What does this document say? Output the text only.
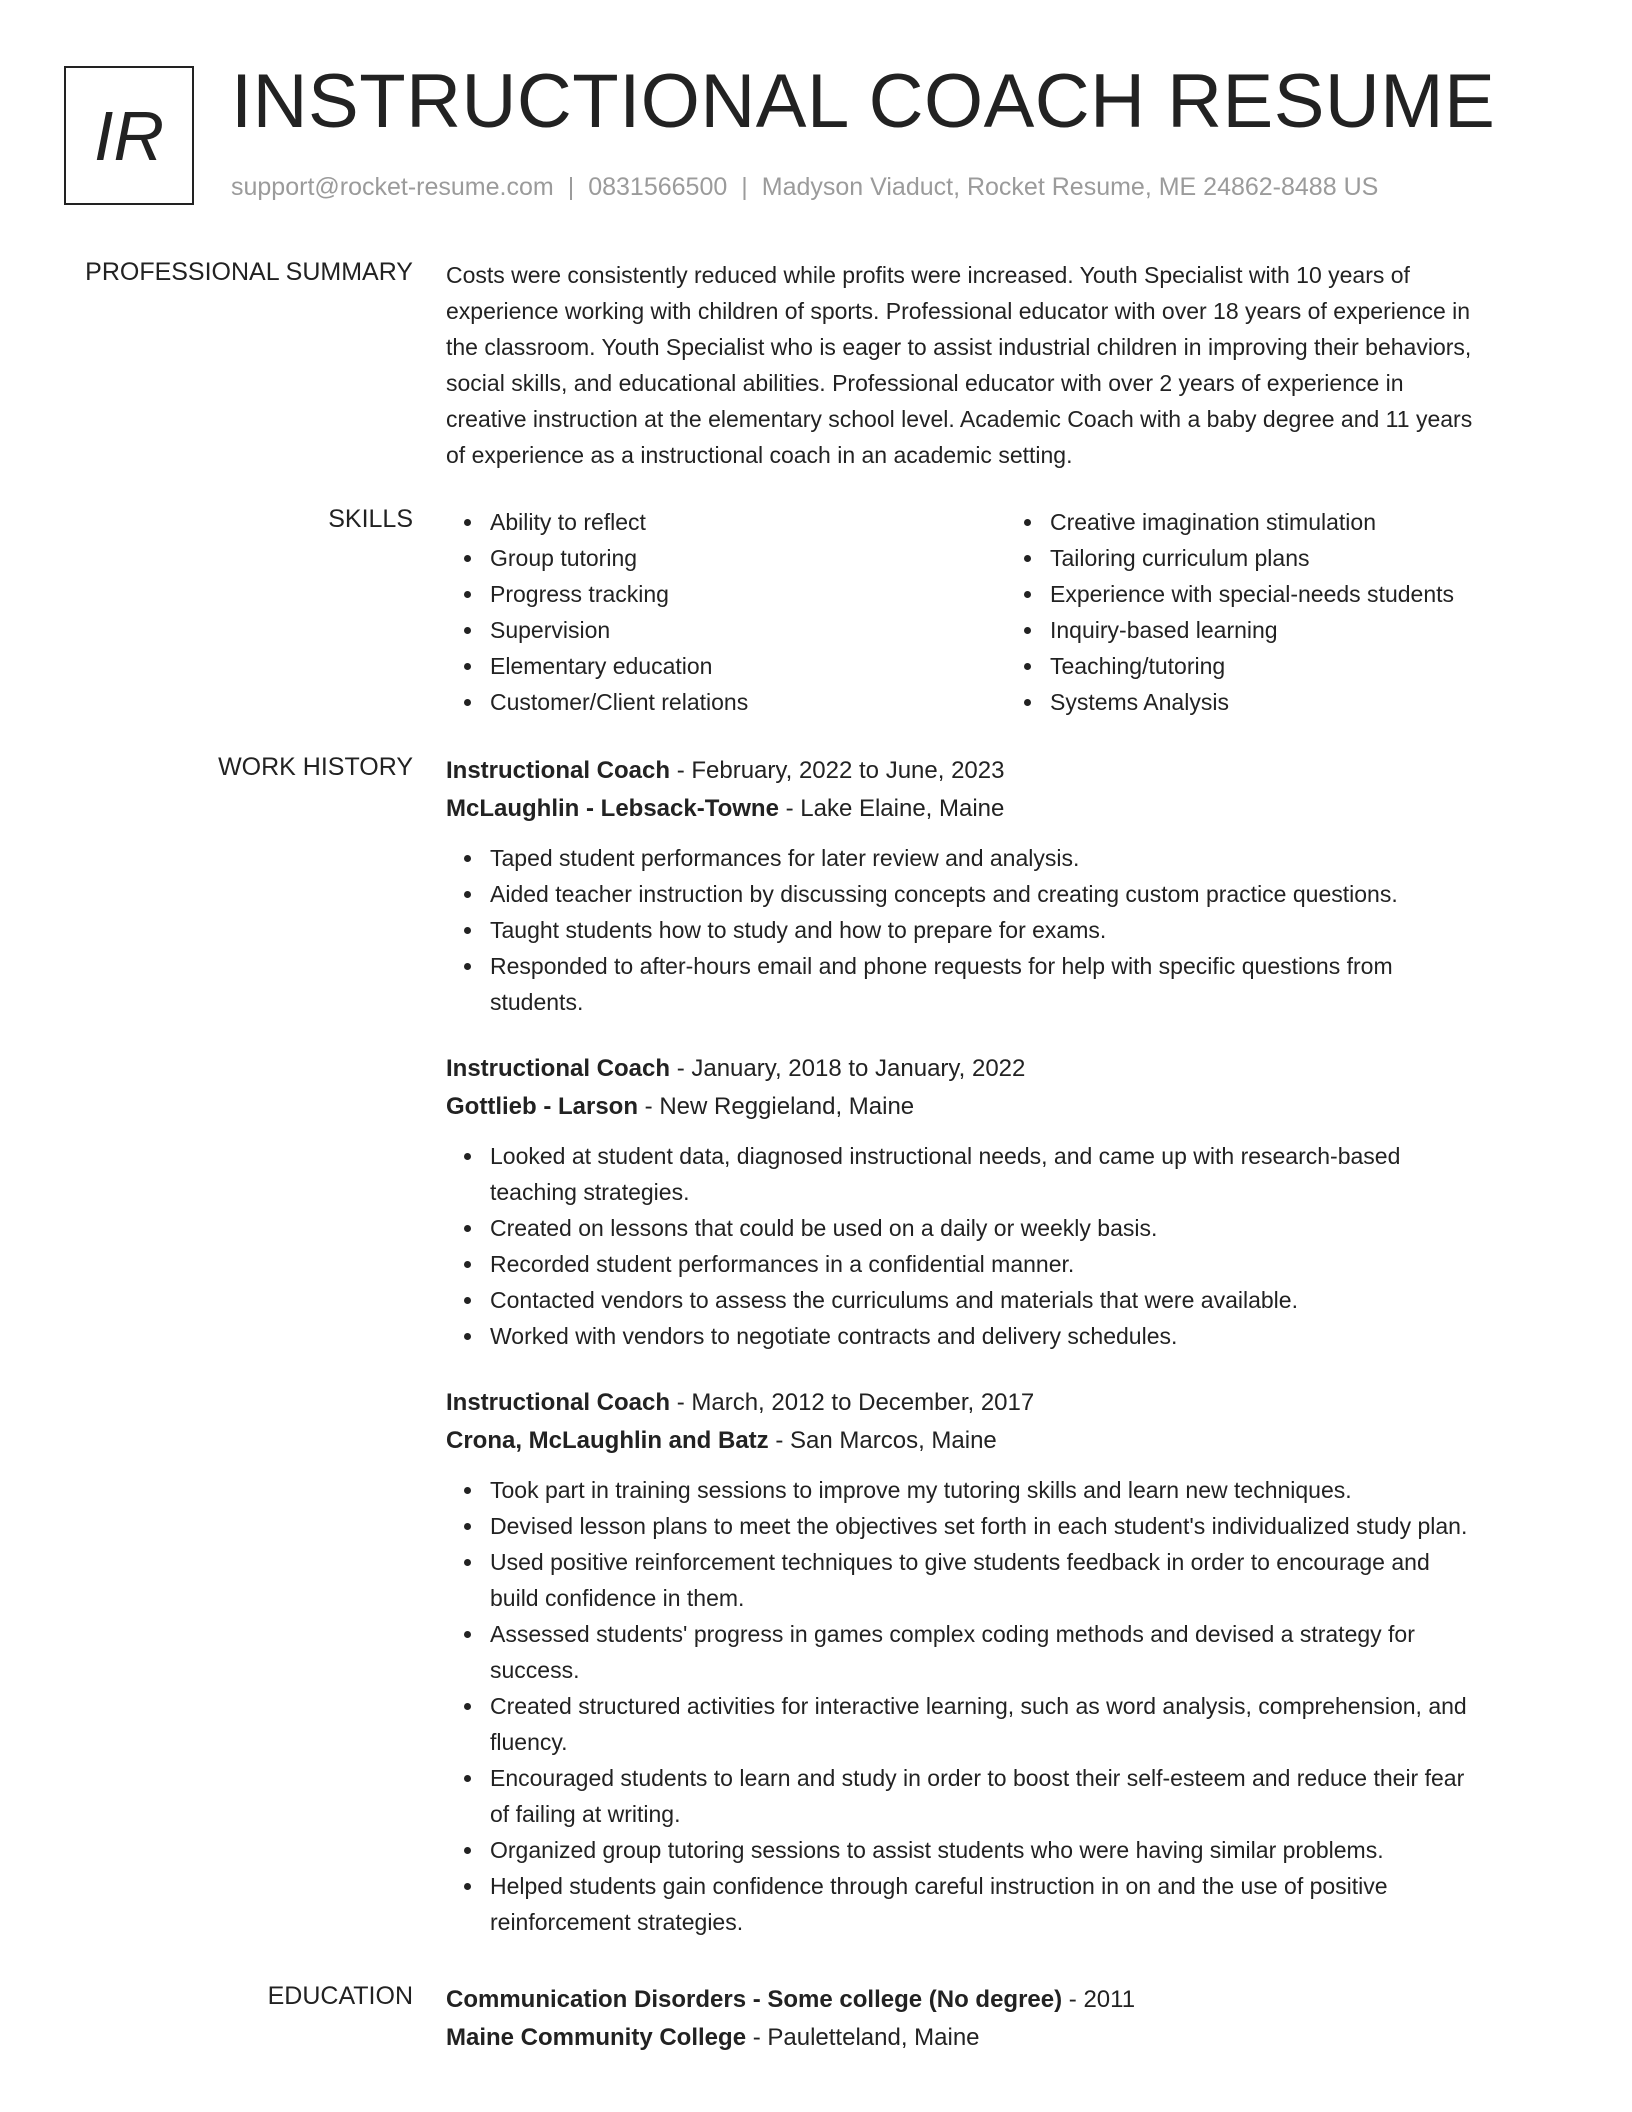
IR INSTRUCTIONAL COACH RESUME
support@rocket-resume.com | 0831566500 | Madyson Viaduct, Rocket Resume, ME 24862-8488 US
PROFESSIONAL SUMMARY Costs were consistently reduced while profits were increased. Youth Specialist with 10 years of

experience working with children of sports. Professional educator with over 18 years of experience in

the classroom. Youth Specialist who is eager to assist industrial children in improving their behaviors,

social skills, and educational abilities. Professional educator with over 2 years of experience in

creative instruction at the elementary school level. Academic Coach with a baby degree and 11 years

of experience as a instructional coach in an academic setting.

SKILLS	Ability to reflect
Group tutoring
Progress tracking
Supervision
Elementary education
Customer/Client relations
Creative imagination stimulation
Tailoring curriculum plans
Experience with special-needs students
Inquiry-based learning
Teaching/tutoring
Systems Analysis
WORK HISTORY Instructional Coach - February, 2022 to June, 2023

McLaughlin - Lebsack-Towne - Lake Elaine, Maine

Taped student performances for later review and analysis.
Aided teacher instruction by discussing concepts and creating custom practice questions.
Taught students how to study and how to prepare for exams.
Responded to after-hours email and phone requests for help with specific questions from
students.

Instructional Coach - January, 2018 to January, 2022

Gottlieb - Larson - New Reggieland, Maine

Looked at student data, diagnosed instructional needs, and came up with research-based
teaching strategies.
Created on lessons that could be used on a daily or weekly basis.
Recorded student performances in a confidential manner.
Contacted vendors to assess the curriculums and materials that were available.
Worked with vendors to negotiate contracts and delivery schedules.

Instructional Coach - March, 2012 to December, 2017

Crona, McLaughlin and Batz - San Marcos, Maine

Took part in training sessions to improve my tutoring skills and learn new techniques.
Devised lesson plans to meet the objectives set forth in each student's individualized study plan.
Used positive reinforcement techniques to give students feedback in order to encourage and
build confidence in them.
Assessed students' progress in games complex coding methods and devised a strategy for
success.
Created structured activities for interactive learning, such as word analysis, comprehension, and
fluency.
Encouraged students to learn and study in order to boost their self-esteem and reduce their fear
of failing at writing.
Organized group tutoring sessions to assist students who were having similar problems.
Helped students gain confidence through careful instruction in on and the use of positive
reinforcement strategies.
EDUCATION Communication Disorders - Some college (No degree) - 2011

Maine Community College - Pauletteland, Maine
